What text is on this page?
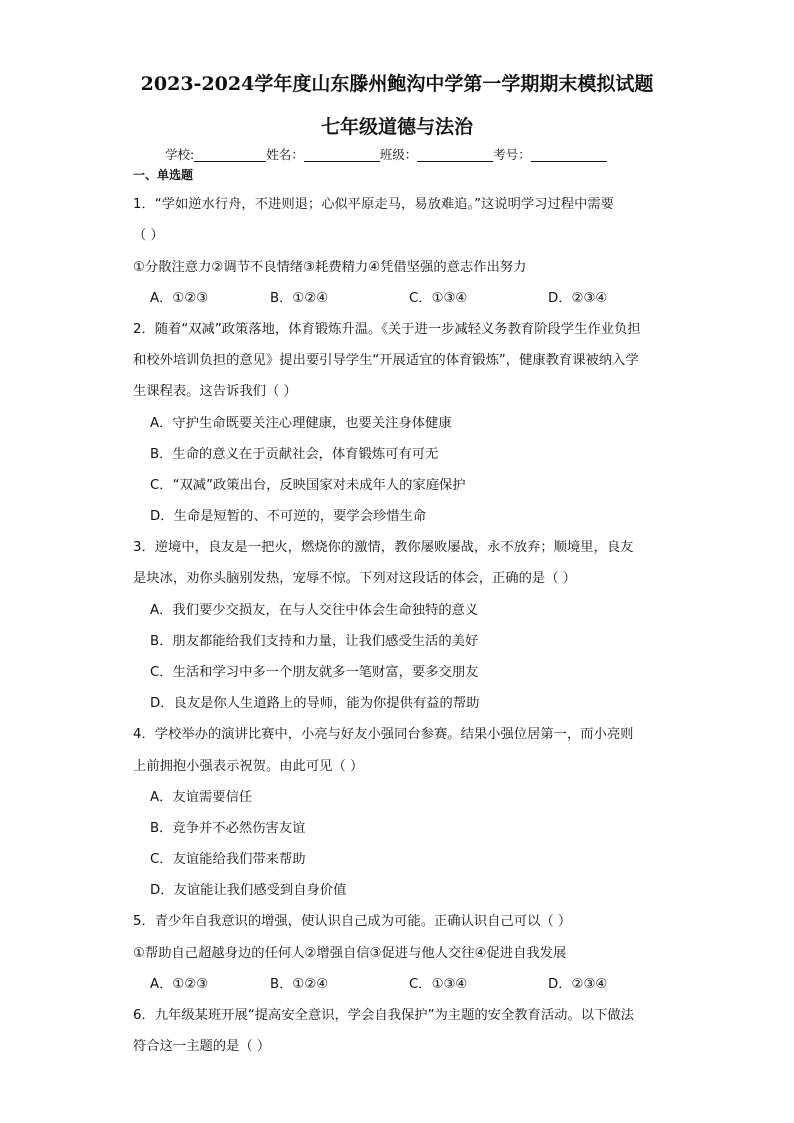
2023-2024学年度山东滕州鲍沟中学第一学期期末模拟试题
七年级道德与法治
学校:	姓名：	班级：	考号：
一、单选题
1．“学如逆水行舟，不进则退；心似平原走马，易放难追。”这说明学习过程中需要
（ ）
①分散注意力②调节不良情绪③耗费精力④凭借坚强的意志作出努力
A．①②③	B．①②④	C．①③④	D．②③④
2．随着“双减”政策落地，体育锻炼升温。《关于进一步减轻义务教育阶段学生作业负担
和校外培训负担的意见》提出要引导学生“开展适宜的体育锻炼”，健康教育课被纳入学
生课程表。这告诉我们（ ）
A．守护生命既要关注心理健康，也要关注身体健康
B．生命的意义在于贡献社会，体育锻炼可有可无
C．“双减”政策出台，反映国家对未成年人的家庭保护
D．生命是短暂的、不可逆的，要学会珍惜生命
3．逆境中，良友是一把火，燃烧你的激情，教你屡败屡战，永不放弃；顺境里，良友
是块冰，劝你头脑别发热，宠辱不惊。下列对这段话的体会，正确的是（ ）
A．我们要少交损友，在与人交往中体会生命独特的意义
B．朋友都能给我们支持和力量，让我们感受生活的美好
C．生活和学习中多一个朋友就多一笔财富，要多交朋友
D．良友是你人生道路上的导师，能为你提供有益的帮助
4．学校举办的演讲比赛中，小亮与好友小强同台参赛。结果小强位居第一，而小亮则
上前拥抱小强表示祝贺。由此可见（ ）
A．友谊需要信任
B．竞争并不必然伤害友谊
C．友谊能给我们带来帮助
D．友谊能让我们感受到自身价值
5．青少年自我意识的增强，使认识自己成为可能。正确认识自己可以（ ）
①帮助自己超越身边的任何人②增强自信③促进与他人交往④促进自我发展
A．①②③	B．①②④	C．①③④	D．②③④
6．九年级某班开展“提高安全意识，学会自我保护”为主题的安全教育活动。以下做法
符合这一主题的是（ ）
